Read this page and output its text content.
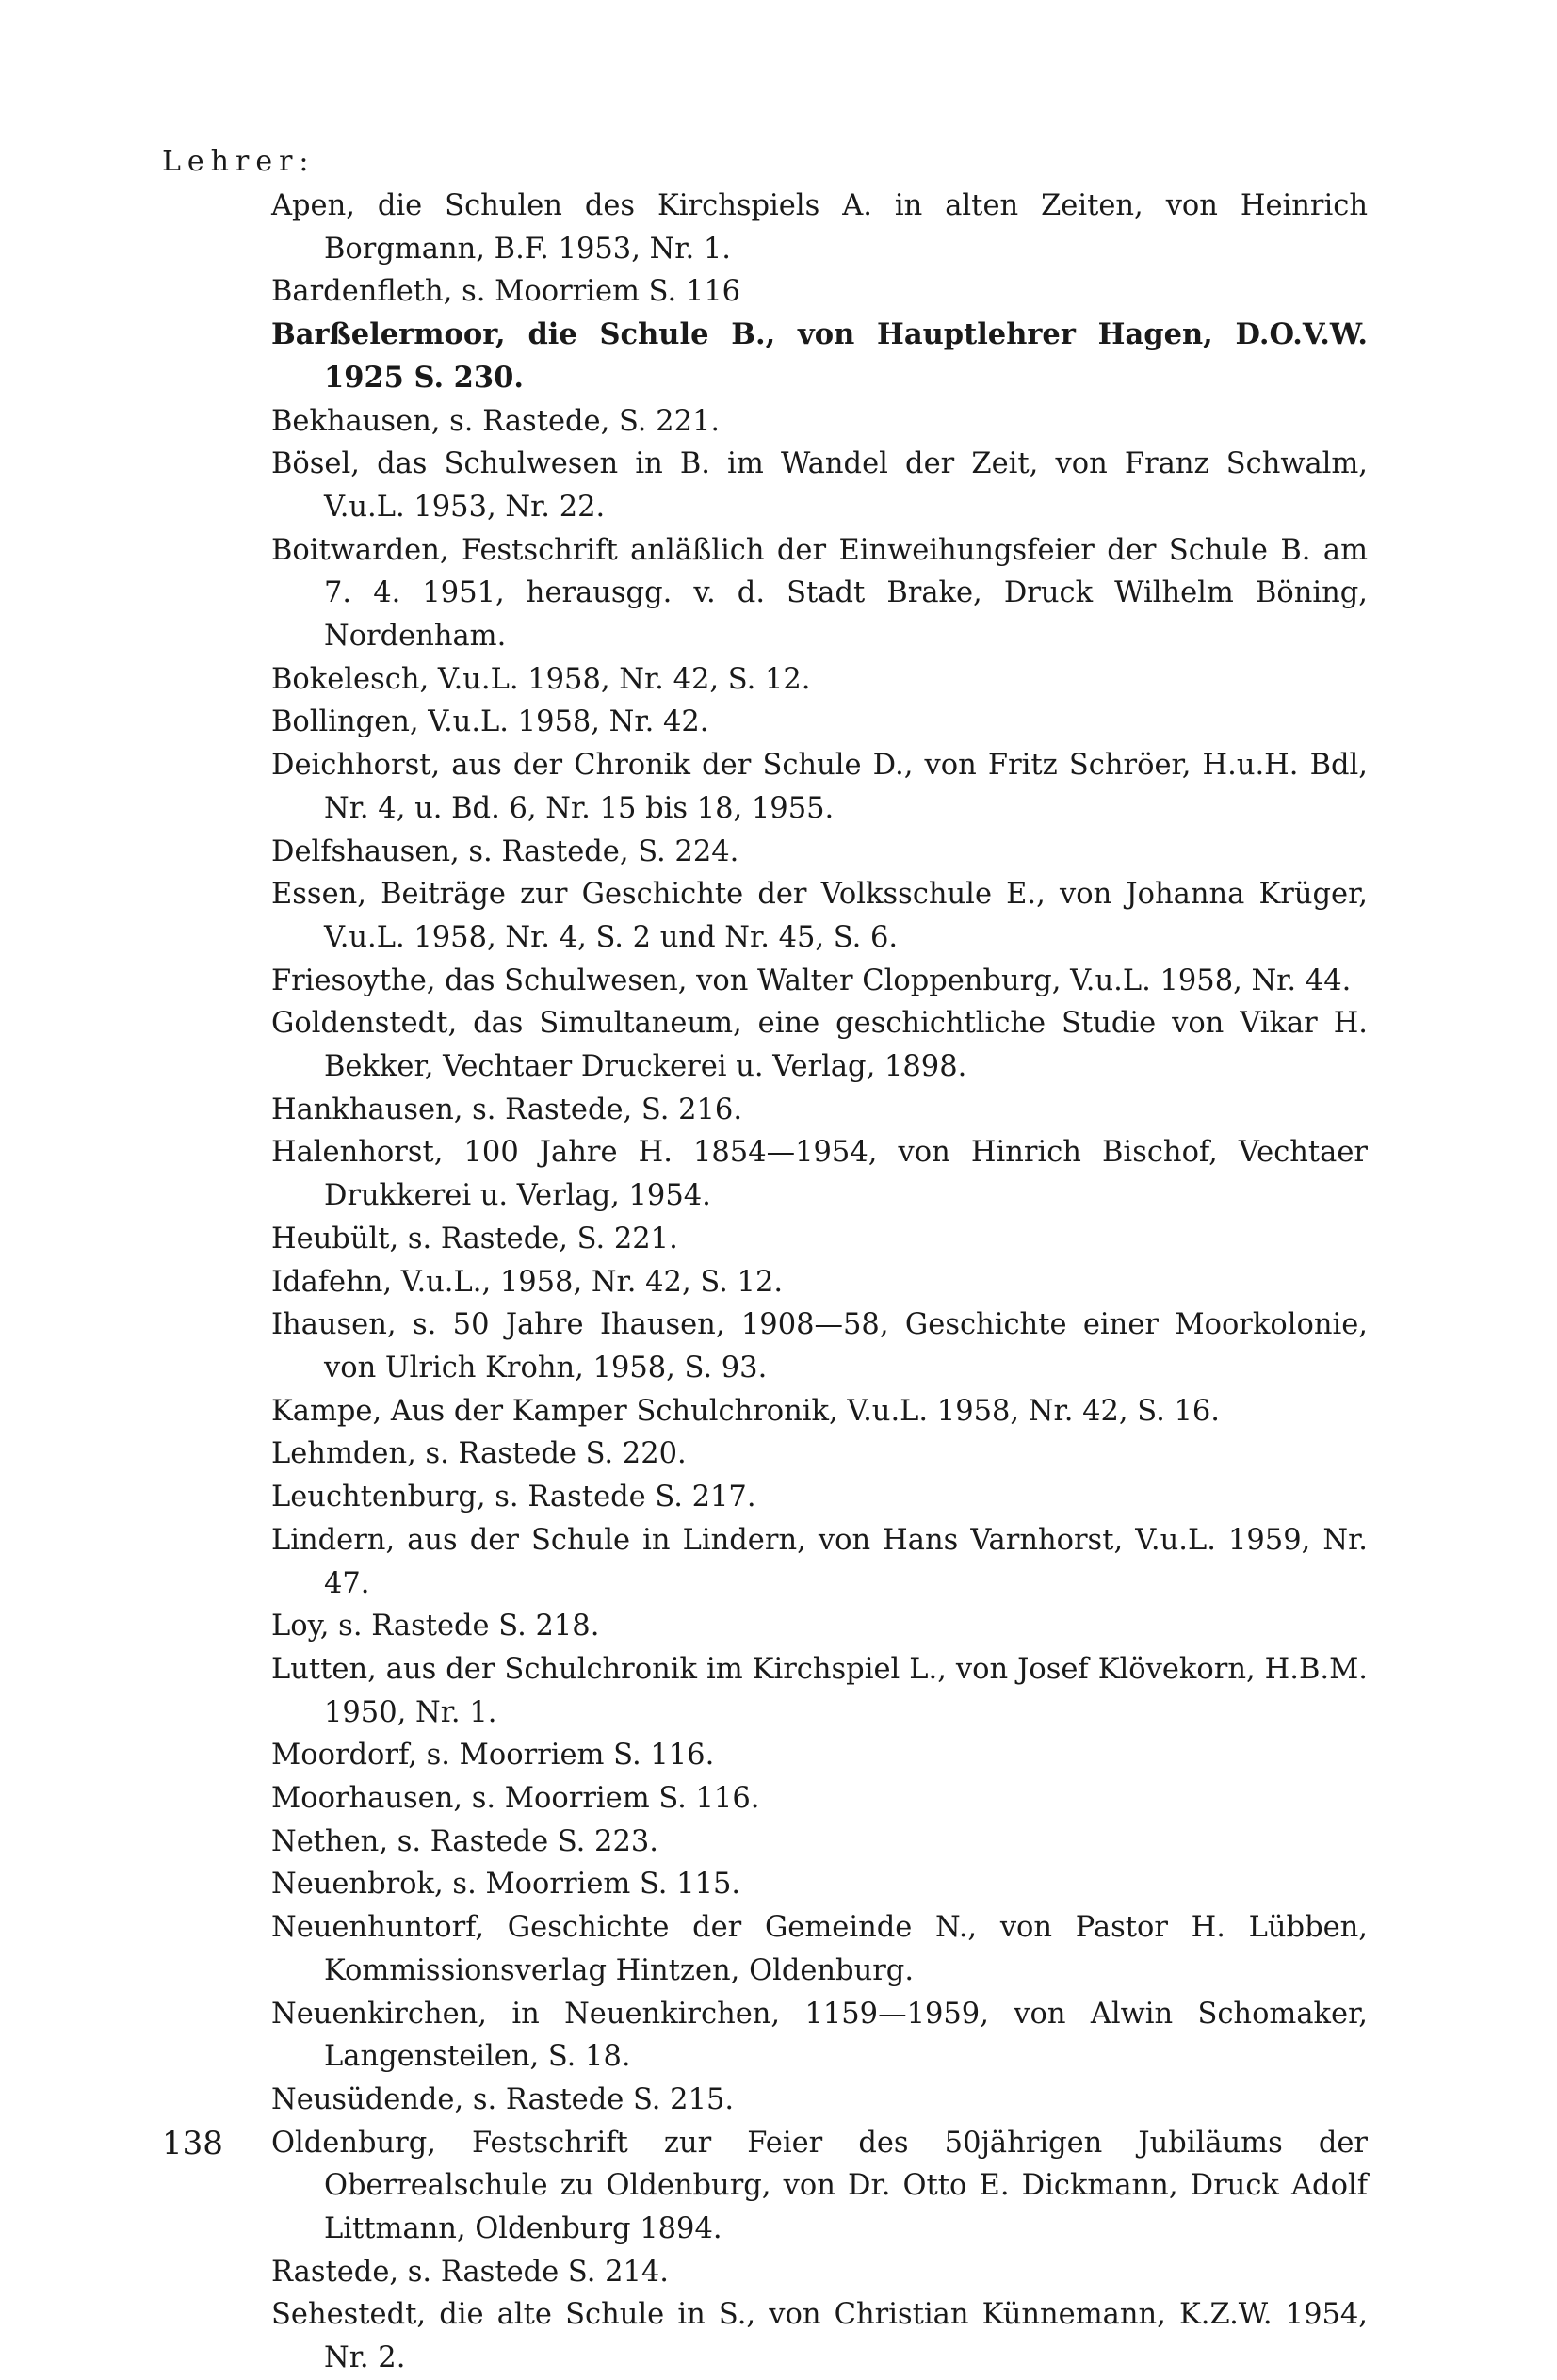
Lehrer:
Apen, die Schulen des Kirchspiels A. in alten Zeiten, von Heinrich Borgmann, B.F. 1953, Nr. 1.
Bardenfleth, s. Moorriem S. 116
Barßelermoor, die Schule B., von Hauptlehrer Hagen, D.O.V.W. 1925 S. 230.
Bekhausen, s. Rastede, S. 221.
Bösel, das Schulwesen in B. im Wandel der Zeit, von Franz Schwalm, V.u.L. 1953, Nr. 22.
Boitwarden, Festschrift anläßlich der Einweihungsfeier der Schule B. am 7. 4. 1951, herausgg. v. d. Stadt Brake, Druck Wilhelm Böning, Nordenham.
Bokelesch, V.u.L. 1958, Nr. 42, S. 12.
Bollingen, V.u.L. 1958, Nr. 42.
Deichhorst, aus der Chronik der Schule D., von Fritz Schröer, H.u.H. Bdl, Nr. 4, u. Bd. 6, Nr. 15 bis 18, 1955.
Delfshausen, s. Rastede, S. 224.
Essen, Beiträge zur Geschichte der Volksschule E., von Johanna Krüger, V.u.L. 1958, Nr. 4, S. 2 und Nr. 45, S. 6.
Friesoythe, das Schulwesen, von Walter Cloppenburg, V.u.L. 1958, Nr. 44.
Goldenstedt, das Simultaneum, eine geschichtliche Studie von Vikar H. Bekker, Vechtaer Druckerei u. Verlag, 1898.
Hankhausen, s. Rastede, S. 216.
Halenhorst, 100 Jahre H. 1854—1954, von Hinrich Bischof, Vechtaer Drukkerei u. Verlag, 1954.
Heubült, s. Rastede, S. 221.
Idafehn, V.u.L., 1958, Nr. 42, S. 12.
Ihausen, s. 50 Jahre Ihausen, 1908—58, Geschichte einer Moorkolonie, von Ulrich Krohn, 1958, S. 93.
Kampe, Aus der Kamper Schulchronik, V.u.L. 1958, Nr. 42, S. 16.
Lehmden, s. Rastede S. 220.
Leuchtenburg, s. Rastede S. 217.
Lindern, aus der Schule in Lindern, von Hans Varnhorst, V.u.L. 1959, Nr. 47.
Loy, s. Rastede S. 218.
Lutten, aus der Schulchronik im Kirchspiel L., von Josef Klövekorn, H.B.M. 1950, Nr. 1.
Moordorf, s. Moorriem S. 116.
Moorhausen, s. Moorriem S. 116.
Nethen, s. Rastede S. 223.
Neuenbrok, s. Moorriem S. 115.
Neuenhuntorf, Geschichte der Gemeinde N., von Pastor H. Lübben, Kommissionsverlag Hintzen, Oldenburg.
Neuenkirchen, in Neuenkirchen, 1159—1959, von Alwin Schomaker, Langensteilen, S. 18.
Neusüdende, s. Rastede S. 215.
Oldenburg, Festschrift zur Feier des 50jährigen Jubiläums der Oberrealschule zu Oldenburg, von Dr. Otto E. Dickmann, Druck Adolf Littmann, Oldenburg 1894.
Rastede, s. Rastede S. 214.
Sehestedt, die alte Schule in S., von Christian Künnemann, K.Z.W. 1954, Nr. 2.
138
